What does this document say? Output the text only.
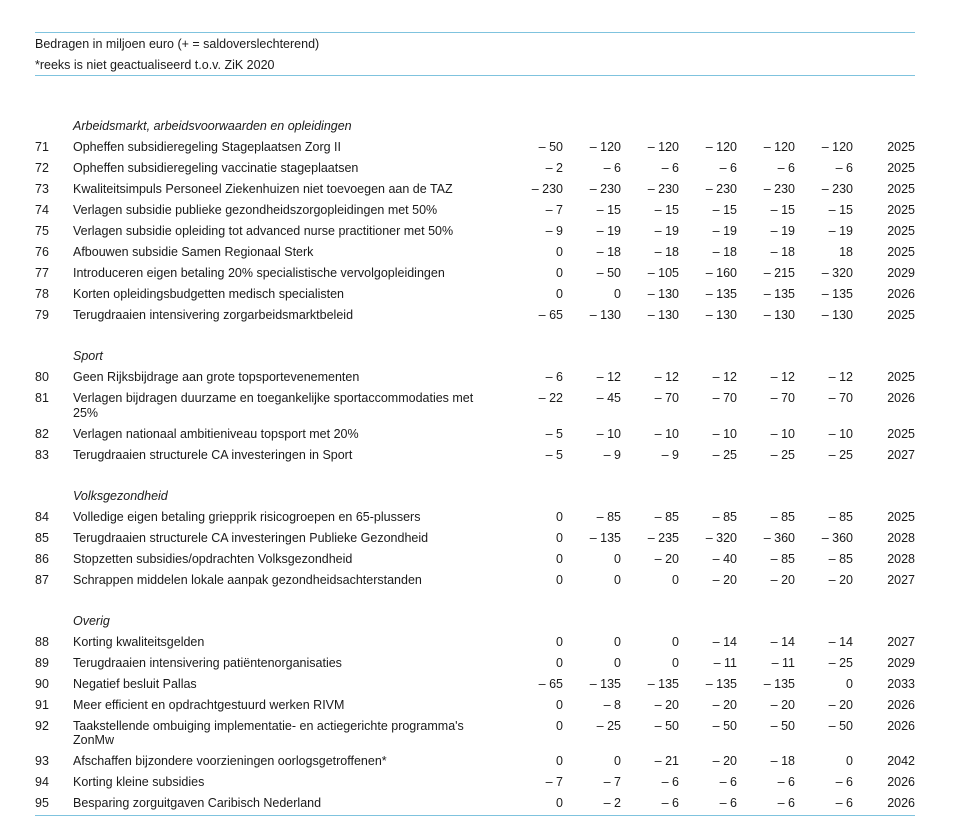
Bedragen in miljoen euro (+ = saldoverslechterend)
*reeks is niet geactualiseerd t.o.v. ZiK 2020
Arbeidsmarkt, arbeidsvoorwaarden en opleidingen
71	Opheffen subsidieregeling Stageplaatsen Zorg II	– 50	– 120	– 120	– 120	– 120	– 120	2025
72	Opheffen subsidieregeling vaccinatie stageplaatsen	– 2	– 6	– 6	– 6	– 6	– 6	2025
73	Kwaliteitsimpuls Personeel Ziekenhuizen niet toevoegen aan de TAZ	– 230	– 230	– 230	– 230	– 230	– 230	2025
74	Verlagen subsidie publieke gezondheidszorgopleidingen met 50%	– 7	– 15	– 15	– 15	– 15	– 15	2025
75	Verlagen subsidie opleiding tot advanced nurse practitioner met 50%	– 9	– 19	– 19	– 19	– 19	– 19	2025
76	Afbouwen subsidie Samen Regionaal Sterk	0	– 18	– 18	– 18	– 18	18	2025
77	Introduceren eigen betaling 20% specialistische vervolgopleidingen	0	– 50	– 105	– 160	– 215	– 320	2029
78	Korten opleidingsbudgetten medisch specialisten	0	0	– 130	– 135	– 135	– 135	2026
79	Terugdraaien intensivering zorgarbeidsmarktbeleid	– 65	– 130	– 130	– 130	– 130	– 130	2025
Sport
80	Geen Rijksbijdrage aan grote topsportevenementen	– 6	– 12	– 12	– 12	– 12	– 12	2025
81	Verlagen bijdragen duurzame en toegankelijke sportaccommodaties met 25%
– 22	– 45	– 70	– 70	– 70	– 70	2026
82	Verlagen nationaal ambitieniveau topsport met 20%	– 5	– 10	– 10	– 10	– 10	– 10	2025
83	Terugdraaien structurele CA investeringen in Sport	– 5	– 9	– 9	– 25	– 25	– 25	2027
Volksgezondheid
84	Volledige eigen betaling griepprik risicogroepen en 65-plussers	0	– 85	– 85	– 85	– 85	– 85	2025
85	Terugdraaien structurele CA investeringen Publieke Gezondheid	0	– 135	– 235	– 320	– 360	– 360	2028
86	Stopzetten subsidies/opdrachten Volksgezondheid	0	0	– 20	– 40	– 85	– 85	2028
87	Schrappen middelen lokale aanpak gezondheidsachterstanden	0	0	0	– 20	– 20	– 20	2027
Overig
88	Korting kwaliteitsgelden	0	0	0	– 14	– 14	– 14	2027
89	Terugdraaien intensivering patiëntenorganisaties	0	0	0	– 11	– 11	– 25	2029
90	Negatief besluit Pallas	– 65	– 135	– 135	– 135	– 135	0	2033
91	Meer efficient en opdrachtgestuurd werken RIVM	0	– 8	– 20	– 20	– 20	– 20	2026
92	Taakstellende ombuiging implementatie- en actiegerichte programma's ZonMw
0	– 25	– 50	– 50	– 50	– 50	2026
93	Afschaffen bijzondere voorzieningen oorlogsgetroffenen*	0	0	– 21	– 20	– 18	0	2042
94	Korting kleine subsidies	– 7	– 7	– 6	– 6	– 6	– 6	2026
95	Besparing zorguitgaven Caribisch Nederland	0	– 2	– 6	– 6	– 6	– 6	2026
